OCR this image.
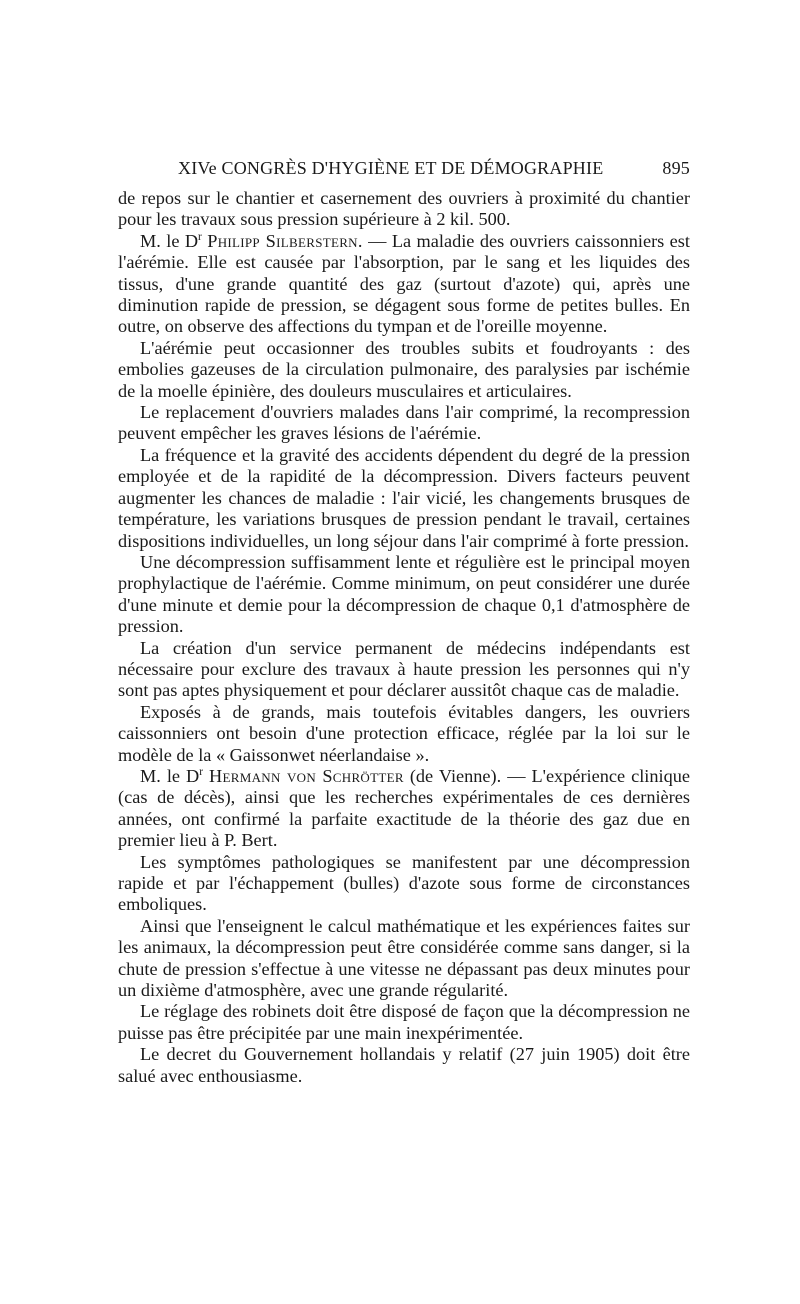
XIVe CONGRÈS D'HYGIÈNE ET DE DÉMOGRAPHIE	895

de repos sur le chantier et casernement des ouvriers à proximité du chantier pour les travaux sous pression supérieure à 2 kil. 500.

M. le $D^r$ Philipp Silberstern. — La maladie des ouvriers caissonniers est l'aérémie. Elle est causée par l'absorption, par le sang et les liquides des tissus, d'une grande quantité des gaz (surtout d'azote) qui, après une diminution rapide de pression, se dégagent sous forme de petites bulles. En outre, on observe des affections du tympan et de l'oreille moyenne.

L'aérémie peut occasionner des troubles subits et foudroyants : des embolies gazeuses de la circulation pulmonaire, des paralysies par ischémie de la moelle épinière, des douleurs musculaires et articulaires.

Le replacement d'ouvriers malades dans l'air comprimé, la recompression peuvent empêcher les graves lésions de l'aérémie.

La fréquence et la gravité des accidents dépendent du degré de la pression employée et de la rapidité de la décompression. Divers facteurs peuvent augmenter les chances de maladie : l'air vicié, les changements brusques de température, les variations brusques de pression pendant le travail, certaines dispositions individuelles, un long séjour dans l'air comprimé à forte pression.

Une décompression suffisamment lente et régulière est le principal moyen prophylactique de l'aérémie. Comme minimum, on peut considérer une durée d'une minute et demie pour la décompression de chaque 0,1 d'atmosphère de pression.

La création d'un service permanent de médecins indépendants est nécessaire pour exclure des travaux à haute pression les personnes qui n'y sont pas aptes physiquement et pour déclarer aussitôt chaque cas de maladie.

Exposés à de grands, mais toutefois évitables dangers, les ouvriers caissonniers ont besoin d'une protection efficace, réglée par la loi sur le modèle de la « Gaissonwet néerlandaise ».

M. le $D^r$ Hermann von Schrötter (de Vienne). — L'expérience clinique (cas de décès), ainsi que les recherches expérimentales de ces dernières années, ont confirmé la parfaite exactitude de la théorie des gaz due en premier lieu à P. Bert.

Les symptômes pathologiques se manifestent par une décompression rapide et par l'échappement (bulles) d'azote sous forme de circonstances emboliques.

Ainsi que l'enseignent le calcul mathématique et les expériences faites sur les animaux, la décompression peut être considérée comme sans danger, si la chute de pression s'effectue à une vitesse ne dépassant pas deux minutes pour un dixième d'atmosphère, avec une grande régularité.

Le réglage des robinets doit être disposé de façon que la décompression ne puisse pas être précipitée par une main inexpérimentée.

Le decret du Gouvernement hollandais y relatif (27 juin 1905) doit être salué avec enthousiasme.
